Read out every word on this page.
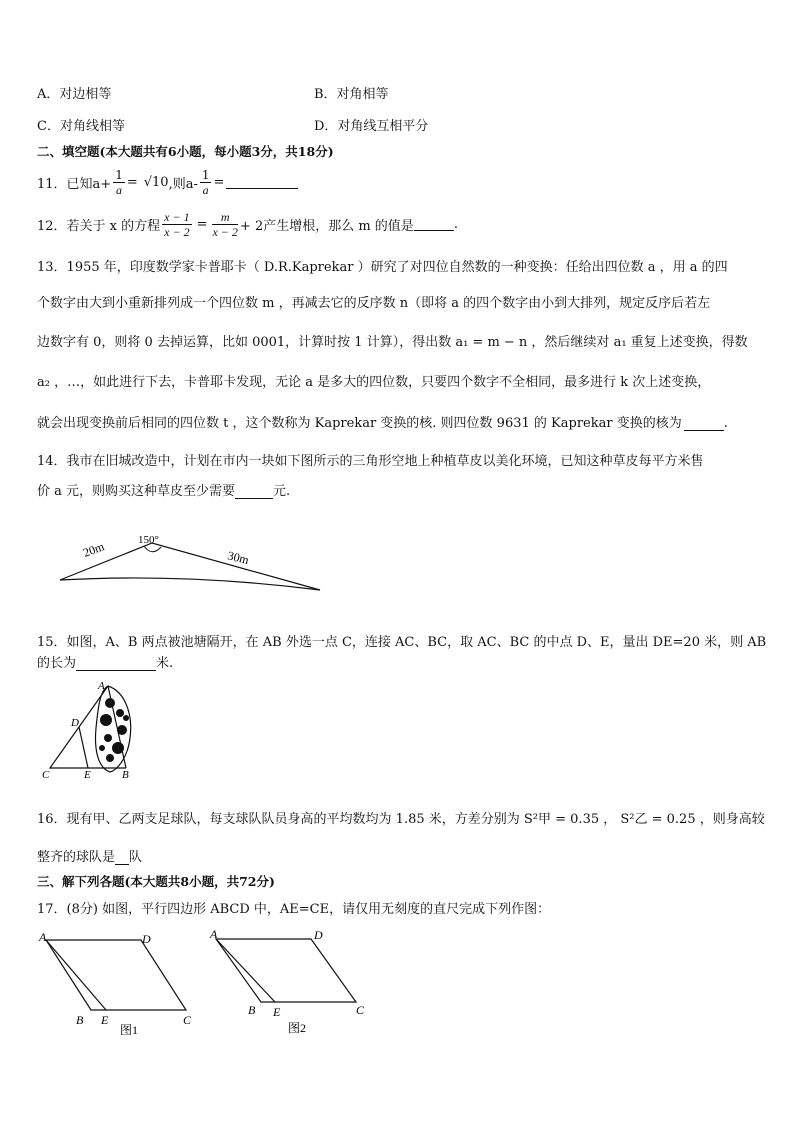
A．对边相等	B．对角相等
C．对角线相等	D．对角线互相平分
二、填空题(本大题共有6小题，每小题3分，共18分)
11．已知$a+ \frac{1}{a} = √10$ ,则$a- \frac{1}{a}$ =
12．若关于 x 的方程 $\frac{x - 1}{x - 2} = \frac{m}{x - 2} + 2$产生增根，那么 m 的值是	.
13．1955 年，印度数学家卡普耶卡（ D.R.Kaprekar ）研究了对四位自然数的一种变换：任给出四位数 a ，用 a 的四
个数字由大到小重新排列成一个四位数 m ，再减去它的反序数 n（即将 a 的四个数字由小到大排列，规定反序后若左
边数字有 0，则将 0 去掉运算，比如 0001，计算时按 1 计算），得出数 a₁ = m − n ，然后继续对 a₁ 重复上述变换，得数
a₂ ，…，如此进行下去，卡普耶卡发现，无论 a 是多大的四位数，只要四个数字不全相同，最多进行 k 次上述变换，
就会出现变换前后相同的四位数 t ，这个数称为 Kaprekar 变换的核. 则四位数 9631 的 Kaprekar 变换的核为	.
14．我市在旧城改造中，计划在市内一块如下图所示的三角形空地上种植草皮以美化环境，已知这种草皮每平方米售
价 a 元，则购买这种草皮至少需要	元.
20m	150°
30m
15．如图，A、B 两点被池塘隔开，在 AB 外选一点 C，连接 AC、BC，取 AC、BC 的中点 D、E，量出 DE=20 米，则 AB
的长为	米.
A
D
C	E	B
16．现有甲、乙两支足球队，每支球队队员身高的平均数均为 1.85 米，方差分别为 S²甲 = 0.35 ， S²乙 = 0.25 ，则身高较
整齐的球队是 队
三、解下列各题(本大题共8小题，共72分)
17．(8分) 如图，平行四边形 ABCD 中，AE=CE，请仅用无刻度的直尺完成下列作图：
A	D
B E	C
图1
A	D
B E	C
图2
